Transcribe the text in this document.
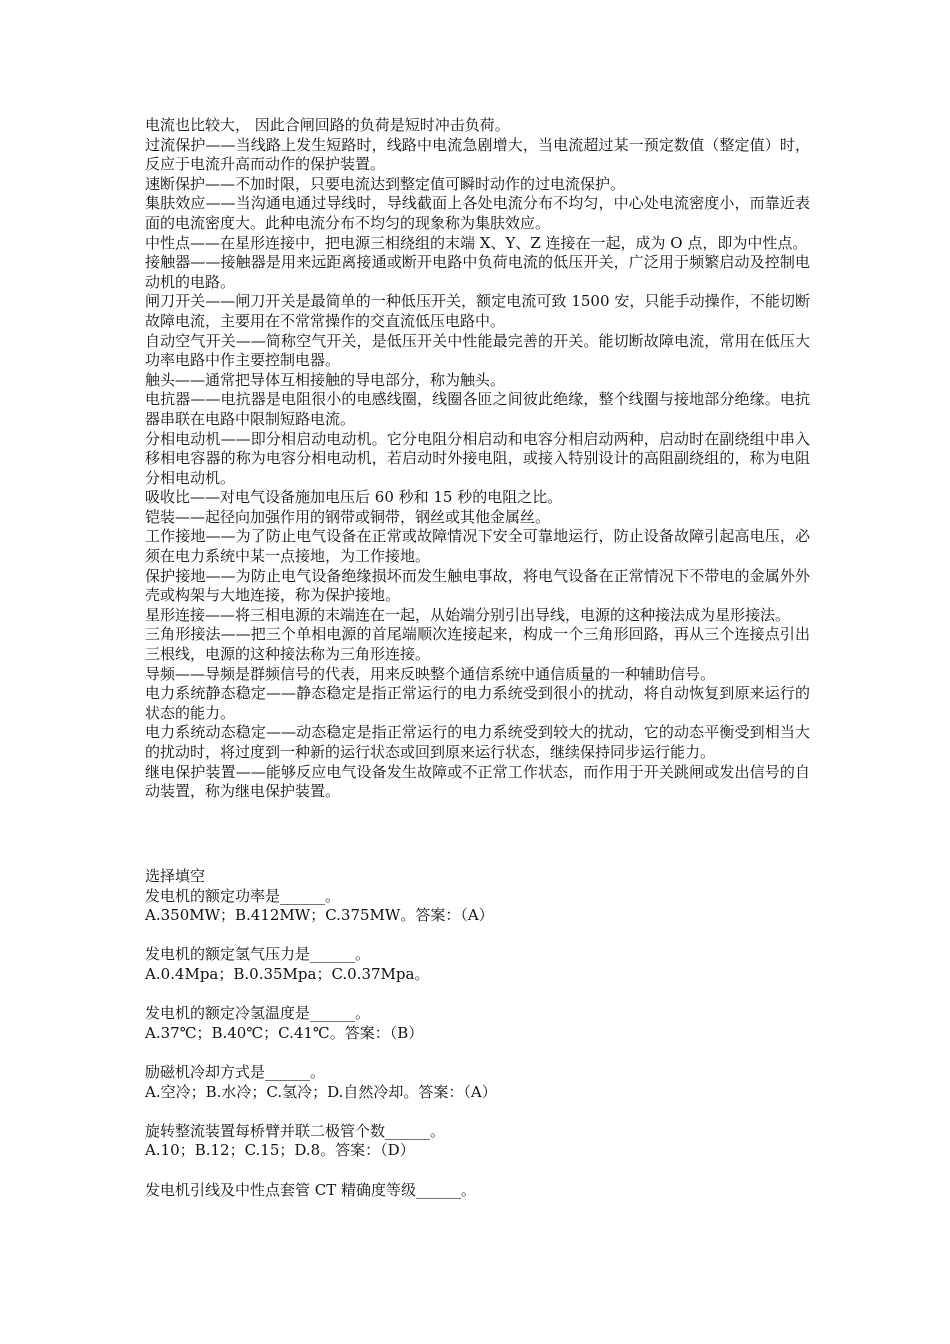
电流也比较大， 因此合闸回路的负荷是短时冲击负荷。

过流保护——当线路上发生短路时，线路中电流急剧增大，当电流超过某一预定数值（整定值）时， 反应于电流升高而动作的保护装置。

速断保护——不加时限，只要电流达到整定值可瞬时动作的过电流保护。

集肤效应——当沟通电通过导线时，导线截面上各处电流分布不均匀，中心处电流密度小，而靠近表面的电流密度大。此种电流分布不均匀的现象称为集肤效应。

中性点——在星形连接中，把电源三相绕组的末端 X、Y、Z 连接在一起，成为 O 点，即为中性点。

接触器——接触器是用来远距离接通或断开电路中负荷电流的低压开关，广泛用于频繁启动及控制电动机的电路。

闸刀开关——闸刀开关是最简单的一种低压开关，额定电流可致 1500 安，只能手动操作，不能切断故障电流，主要用在不常常操作的交直流低压电路中。

自动空气开关——简称空气开关，是低压开关中性能最完善的开关。能切断故障电流，常用在低压大功率电路中作主要控制电器。

触头——通常把导体互相接触的导电部分，称为触头。

电抗器——电抗器是电阻很小的电感线圈，线圈各匝之间彼此绝缘，整个线圈与接地部分绝缘。电抗器串联在电路中限制短路电流。

分相电动机——即分相启动电动机。它分电阻分相启动和电容分相启动两种，启动时在副绕组中串入移相电容器的称为电容分相电动机，若启动时外接电阻，或接入特别设计的高阻副绕组的，称为电阻分相电动机。

吸收比——对电气设备施加电压后 60 秒和 15 秒的电阻之比。

铠装——起径向加强作用的钢带或铜带，钢丝或其他金属丝。

工作接地——为了防止电气设备在正常或故障情况下安全可靠地运行，防止设备故障引起高电压，必须在电力系统中某一点接地，为工作接地。

保护接地——为防止电气设备绝缘损坏而发生触电事故，将电气设备在正常情况下不带电的金属外外壳或构架与大地连接，称为保护接地。

星形连接——将三相电源的末端连在一起，从始端分别引出导线，电源的这种接法成为星形接法。

三角形接法——把三个单相电源的首尾端顺次连接起来，构成一个三角形回路，再从三个连接点引出三根线，电源的这种接法称为三角形连接。

导频——导频是群频信号的代表，用来反映整个通信系统中通信质量的一种辅助信号。

电力系统静态稳定——静态稳定是指正常运行的电力系统受到很小的扰动，将自动恢复到原来运行的状态的能力。

电力系统动态稳定——动态稳定是指正常运行的电力系统受到较大的扰动，它的动态平衡受到相当大的扰动时，将过度到一种新的运行状态或回到原来运行状态，继续保持同步运行能力。

继电保护装置——能够反应电气设备发生故障或不正常工作状态，而作用于开关跳闸或发出信号的自动装置，称为继电保护装置。

选择填空

发电机的额定功率是______。

A.350MW；B.412MW；C.375MW。答案：（A）

发电机的额定氢气压力是______。

A.0.4Mpa；B.0.35Mpa；C.0.37Mpa。

发电机的额定冷氢温度是______。

A.37℃；B.40℃；C.41℃。答案：（B）

励磁机冷却方式是______。

A.空冷；B.水冷；C.氢冷；D.自然冷却。答案：（A）

旋转整流装置每桥臂并联二极管个数______。

A.10；B.12；C.15；D.8。答案：（D）

发电机引线及中性点套管 CT 精确度等级______。
